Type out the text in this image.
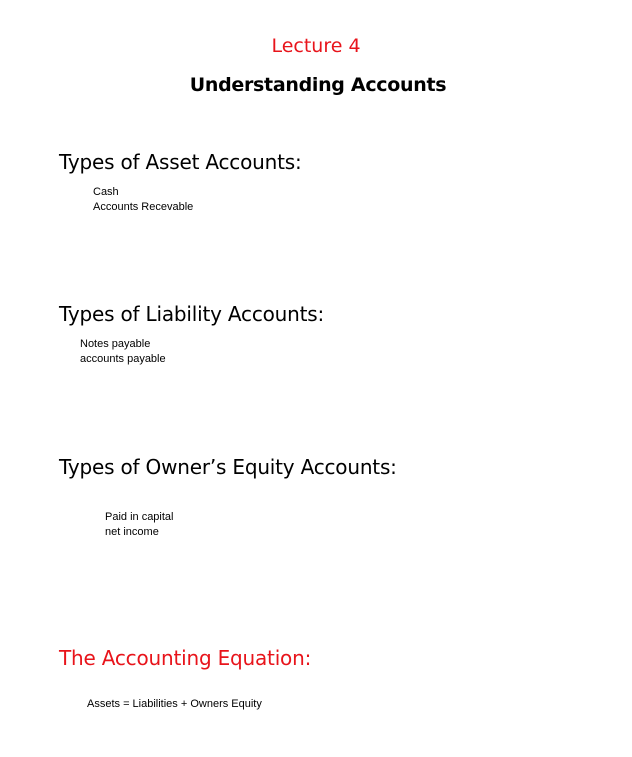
Lecture 4
Understanding Accounts
Types of Asset Accounts:
Cash
Accounts Recevable
Types of Liability Accounts:
Notes payable
accounts payable
Types of Owner’s Equity Accounts:
Paid in capital
net income
The Accounting Equation:
Assets = Liabilities + Owners Equity
